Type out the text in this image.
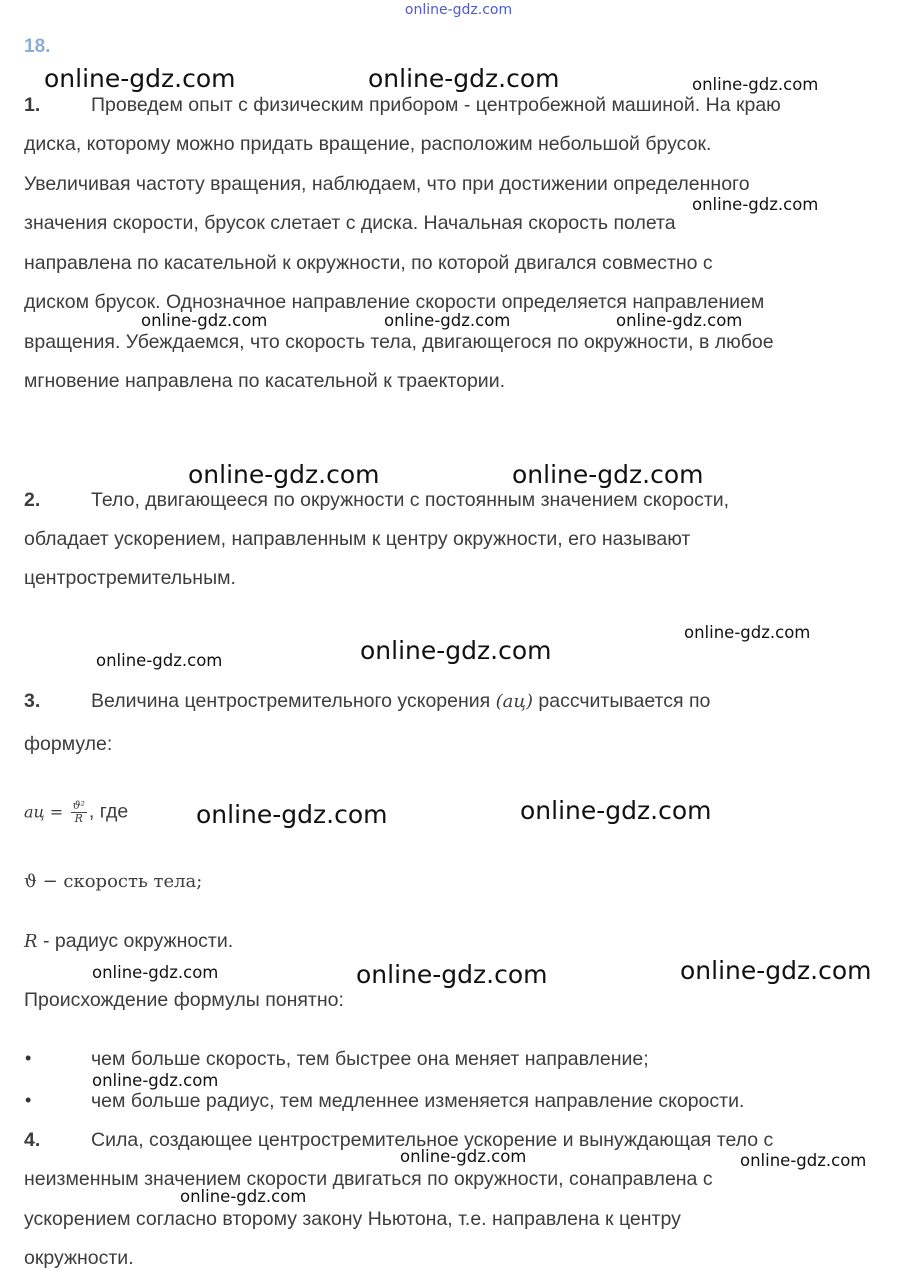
online-gdz.com
18.
1.	Проведем опыт с физическим прибором - центробежной машиной. На краю
диска, которому можно придать вращение, расположим небольшой брусок.
Увеличивая частоту вращения, наблюдаем, что при достижении определенного
значения скорости, брусок слетает с диска. Начальная скорость полета
направлена по касательной к окружности, по которой двигался совместно с
диском брусок. Однозначное направление скорости определяется направлением
вращения. Убеждаемся, что скорость тела, двигающегося по окружности, в любое
мгновение направлена по касательной к траектории.
2.	Тело, двигающееся по окружности с постоянным значением скорости,
обладает ускорением, направленным к центру окружности, его называют
центростремительным.
3.	Величина центростремительного ускорения (aц) рассчитывается по
формуле:
aц = $\frac{\text{ϑ²}}{R}$ , где
ϑ − скорость тела;
R - радиус окружности.
Происхождение формулы понятно:
•	чем больше скорость, тем быстрее она меняет направление;
•	чем больше радиус, тем медленнее изменяется направление скорости.
4.	Сила, создающее центростремительное ускорение и вынуждающая тело с
неизменным значением скорости двигаться по окружности, сонаправлена с
ускорением согласно второму закону Ньютона, т.е. направлена к центру
окружности.
online-gdz.com	online-gdz.com	online-gdz.com
online-gdz.com
online-gdz.com	online-gdz.com	online-gdz.com
online-gdz.com	online-gdz.com
online-gdz.com
online-gdz.com	online-gdz.com
online-gdz.com	online-gdz.com
online-gdz.com	online-gdz.com	online-gdz.com
online-gdz.com
online-gdz.com	online-gdz.com
online-gdz.com
